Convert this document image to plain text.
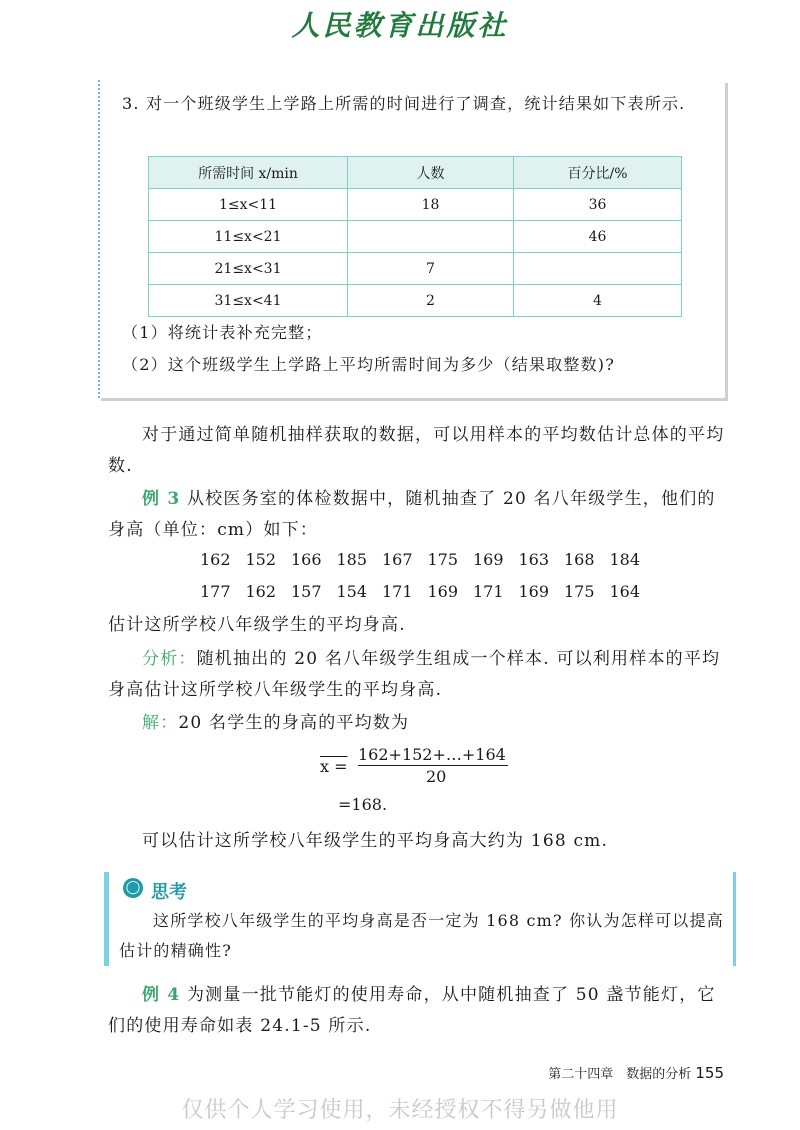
人民教育出版社
3. 对一个班级学生上学路上所需的时间进行了调查，统计结果如下表所示.
所需时间 x/min	人数	百分比/%
1≤x<11	18	36
11≤x<21		46
21≤x<31	7	
31≤x<41	2	4
（1）将统计表补充完整；
（2）这个班级学生上学路上平均所需时间为多少（结果取整数)?
对于通过简单随机抽样获取的数据，可以用样本的平均数估计总体的平均数.
例 3 从校医务室的体检数据中，随机抽查了 20 名八年级学生，他们的身高（单位：cm）如下：
162 152 166 185 167 175 169 163 168 184
177 162 157 154 171 169 171 169 175 164
估计这所学校八年级学生的平均身高.
分析：随机抽出的 20 名八年级学生组成一个样本. 可以利用样本的平均身高估计这所学校八年级学生的平均身高.
解：20 名学生的身高的平均数为
x =
162+152+…+164
20
=168.
可以估计这所学校八年级学生的平均身高大约为 168 cm.
◯ 思考
这所学校八年级学生的平均身高是否一定为 168 cm? 你认为怎样可以提高估计的精确性?
例 4 为测量一批节能灯的使用寿命，从中随机抽查了 50 盏节能灯，它们的使用寿命如表 24.1-5 所示.
第二十四章　数据的分析 155
仅供个人学习使用，未经授权不得另做他用
